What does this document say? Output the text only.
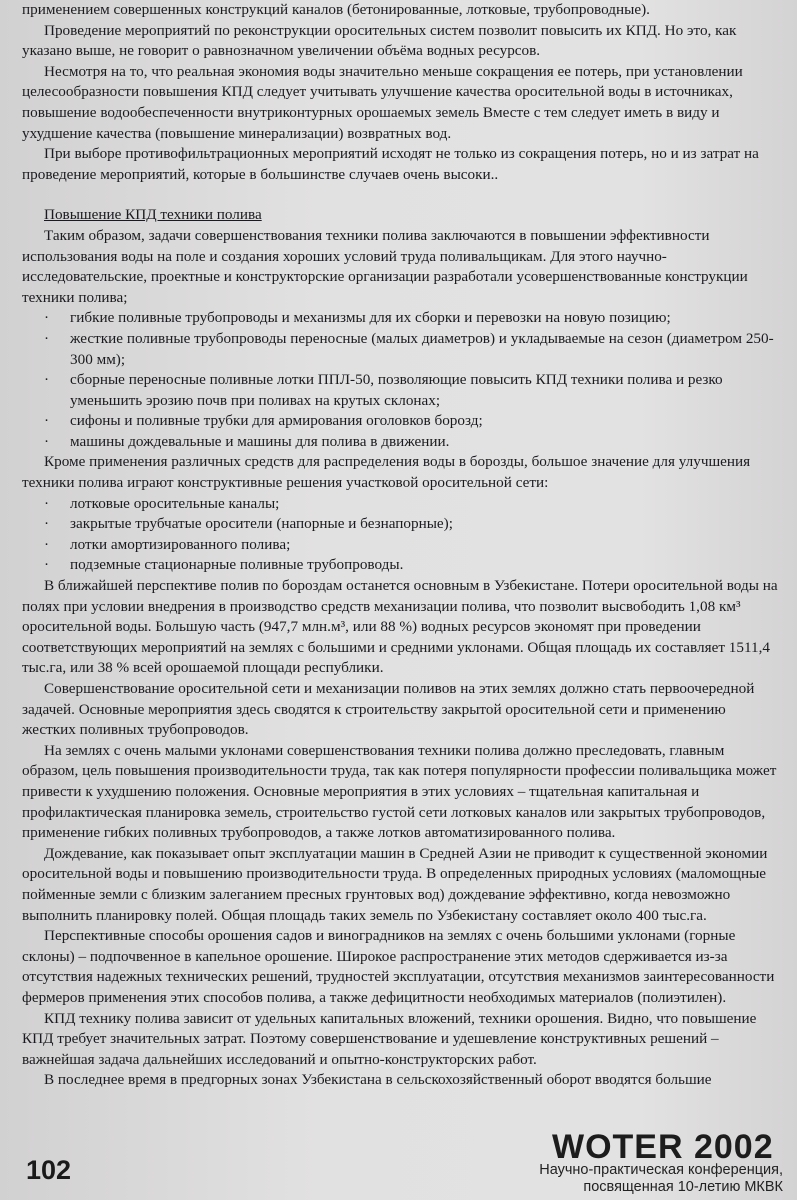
применением совершенных конструкций каналов (бетонированные, лотковые, трубопроводные).

Проведение мероприятий по реконструкции оросительных систем позволит повысить их КПД. Но это, как указано выше, не говорит о равнозначном увеличении объёма водных ресурсов.

Несмотря на то, что реальная экономия воды значительно меньше сокращения ее потерь, при установлении целесообразности повышения КПД следует учитывать улучшение качества оросительной воды в источниках, повышение водообеспеченности внутриконтурных орошаемых земель Вместе с тем следует иметь в виду и ухудшение качества (повышение минерализации) возвратных вод.

При выборе противофильтрационных мероприятий исходят не только из сокращения потерь, но и из затрат на проведение мероприятий, которые в большинстве случаев очень высоки..

Повышение КПД техники полива

Таким образом, задачи совершенствования техники полива заключаются в повышении эффективности использования воды на поле и создания хороших условий труда поливальщикам. Для этого научно-исследовательские, проектные и конструкторские организации разработали усовершенствованные конструкции техники полива;

· гибкие поливные трубопроводы и механизмы для их сборки и перевозки на новую позицию;

· жесткие поливные трубопроводы переносные (малых диаметров) и укладываемые на сезон (диаметром 250-300 мм);

· сборные переносные поливные лотки ППЛ-50, позволяющие повысить КПД техники полива и резко уменьшить эрозию почв при поливах на крутых склонах;

· сифоны и поливные трубки для армирования оголовков борозд;

· машины дождевальные и машины для полива в движении.

Кроме применения различных средств для распределения воды в борозды, большое значение для улучшения техники полива играют конструктивные решения участковой оросительной сети:

· лотковые оросительные каналы;

· закрытые трубчатые оросители (напорные и безнапорные);

· лотки амортизированного полива;

· подземные стационарные поливные трубопроводы.

В ближайшей перспективе полив по бороздам останется основным в Узбекистане. Потери оросительной воды на полях при условии внедрения в производство средств механизации полива, что позволит высвободить 1,08 км³ оросительной воды. Большую часть (947,7 млн.м³, или 88 %) водных ресурсов экономят при проведении соответствующих мероприятий на землях с большими и средними уклонами. Общая площадь их составляет 1511,4 тыс.га, или 38 % всей орошаемой площади республики.

Совершенствование оросительной сети и механизации поливов на этих землях должно стать первоочередной задачей. Основные мероприятия здесь сводятся к строительству закрытой оросительной сети и применению жестких поливных трубопроводов.

На землях с очень малыми уклонами совершенствования техники полива должно преследовать, главным образом, цель повышения производительности труда, так как потеря популярности профессии поливальщика может привести к ухудшению положения. Основные мероприятия в этих условиях – тщательная капитальная и профилактическая планировка земель, строительство густой сети лотковых каналов или закрытых трубопроводов, применение гибких поливных трубопроводов, а также лотков автоматизированного полива.

Дождевание, как показывает опыт эксплуатации машин в Средней Азии не приводит к существенной экономии оросительной воды и повышению производительности труда. В определенных природных условиях (маломощные пойменные земли с близким залеганием пресных грунтовых вод) дождевание эффективно, когда невозможно выполнить планировку полей. Общая площадь таких земель по Узбекистану составляет около 400 тыс.га.

Перспективные способы орошения садов и виноградников на землях с очень большими уклонами (горные склоны) – подпочвенное в капельное орошение. Широкое распространение этих методов сдерживается из-за отсутствия надежных технических решений, трудностей эксплуатации, отсутствия механизмов заинтересованности фермеров применения этих способов полива, а также дефицитности необходимых материалов (полиэтилен).

КПД технику полива зависит от удельных капитальных вложений, техники орошения. Видно, что повышение КПД требует значительных затрат. Поэтому совершенствование и удешевление конструктивных решений – важнейшая задача дальнейших исследований и опытно-конструкторских работ.

В последнее время в предгорных зонах Узбекистана в сельскохозяйственный оборот вводятся большие

102
WOTER 2002
Научно-практическая конференция,
посвященная 10-летию МКВК
